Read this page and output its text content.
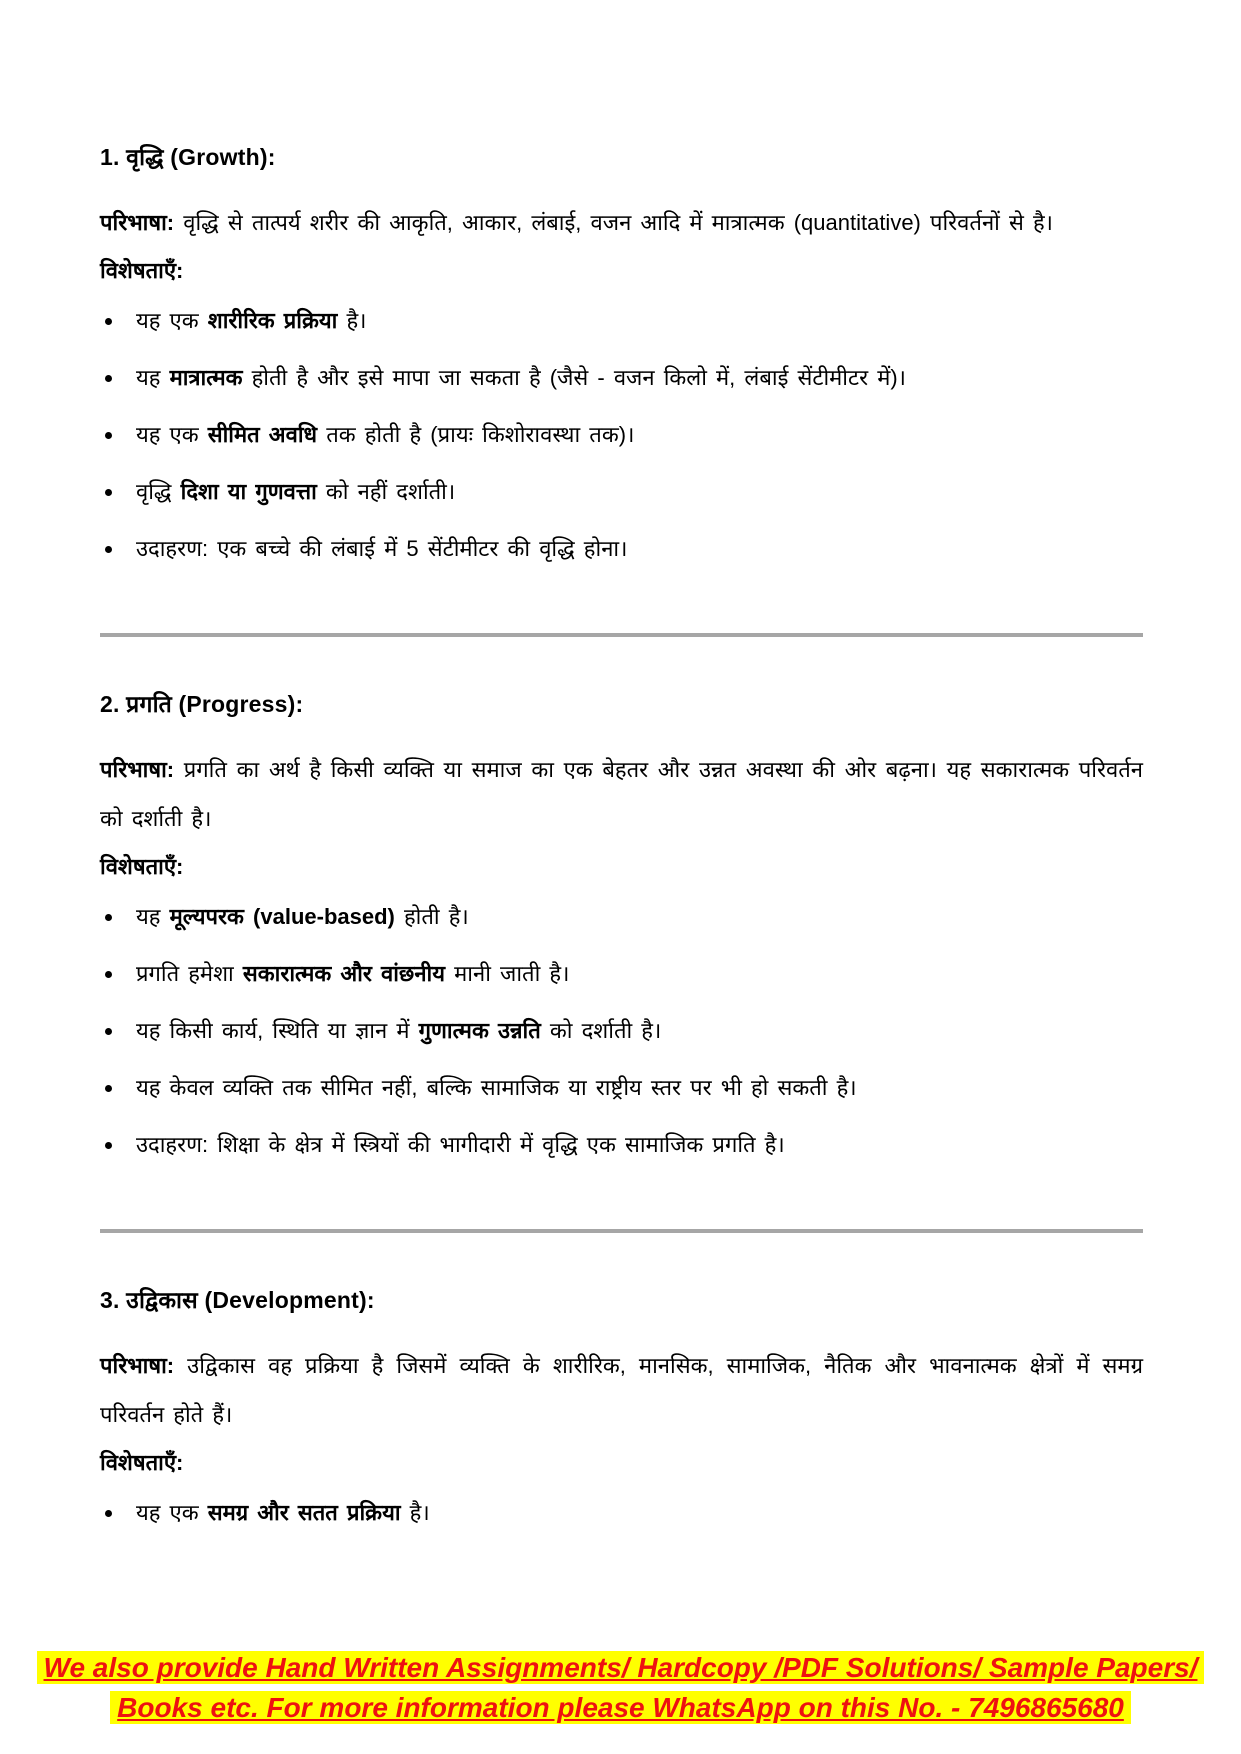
1. वृद्धि (Growth):

परिभाषा: वृद्धि से तात्पर्य शरीर की आकृति, आकार, लंबाई, वजन आदि में मात्रात्मक (quantitative) परिवर्तनों से है।

विशेषताएँ:

यह एक शारीरिक प्रक्रिया है।
यह मात्रात्मक होती है और इसे मापा जा सकता है (जैसे - वजन किलो में, लंबाई सेंटीमीटर में)।
यह एक सीमित अवधि तक होती है (प्रायः किशोरावस्था तक)।
वृद्धि दिशा या गुणवत्ता को नहीं दर्शाती।
उदाहरण: एक बच्चे की लंबाई में 5 सेंटीमीटर की वृद्धि होना।
2. प्रगति (Progress):

परिभाषा: प्रगति का अर्थ है किसी व्यक्ति या समाज का एक बेहतर और उन्नत अवस्था की ओर बढ़ना। यह सकारात्मक परिवर्तन को दर्शाती है।

विशेषताएँ:

यह मूल्यपरक (value-based) होती है।
प्रगति हमेशा सकारात्मक और वांछनीय मानी जाती है।
यह किसी कार्य, स्थिति या ज्ञान में गुणात्मक उन्नति को दर्शाती है।
यह केवल व्यक्ति तक सीमित नहीं, बल्कि सामाजिक या राष्ट्रीय स्तर पर भी हो सकती है।
उदाहरण: शिक्षा के क्षेत्र में स्त्रियों की भागीदारी में वृद्धि एक सामाजिक प्रगति है।
3. उद्विकास (Development):

परिभाषा: उद्विकास वह प्रक्रिया है जिसमें व्यक्ति के शारीरिक, मानसिक, सामाजिक, नैतिक और भावनात्मक क्षेत्रों में समग्र परिवर्तन होते हैं।

विशेषताएँ:

यह एक समग्र और सतत प्रक्रिया है।

We also provide Hand Written Assignments/ Hardcopy /PDF Solutions/ Sample Papers/

Books etc. For more information please WhatsApp on this No. - 7496865680
